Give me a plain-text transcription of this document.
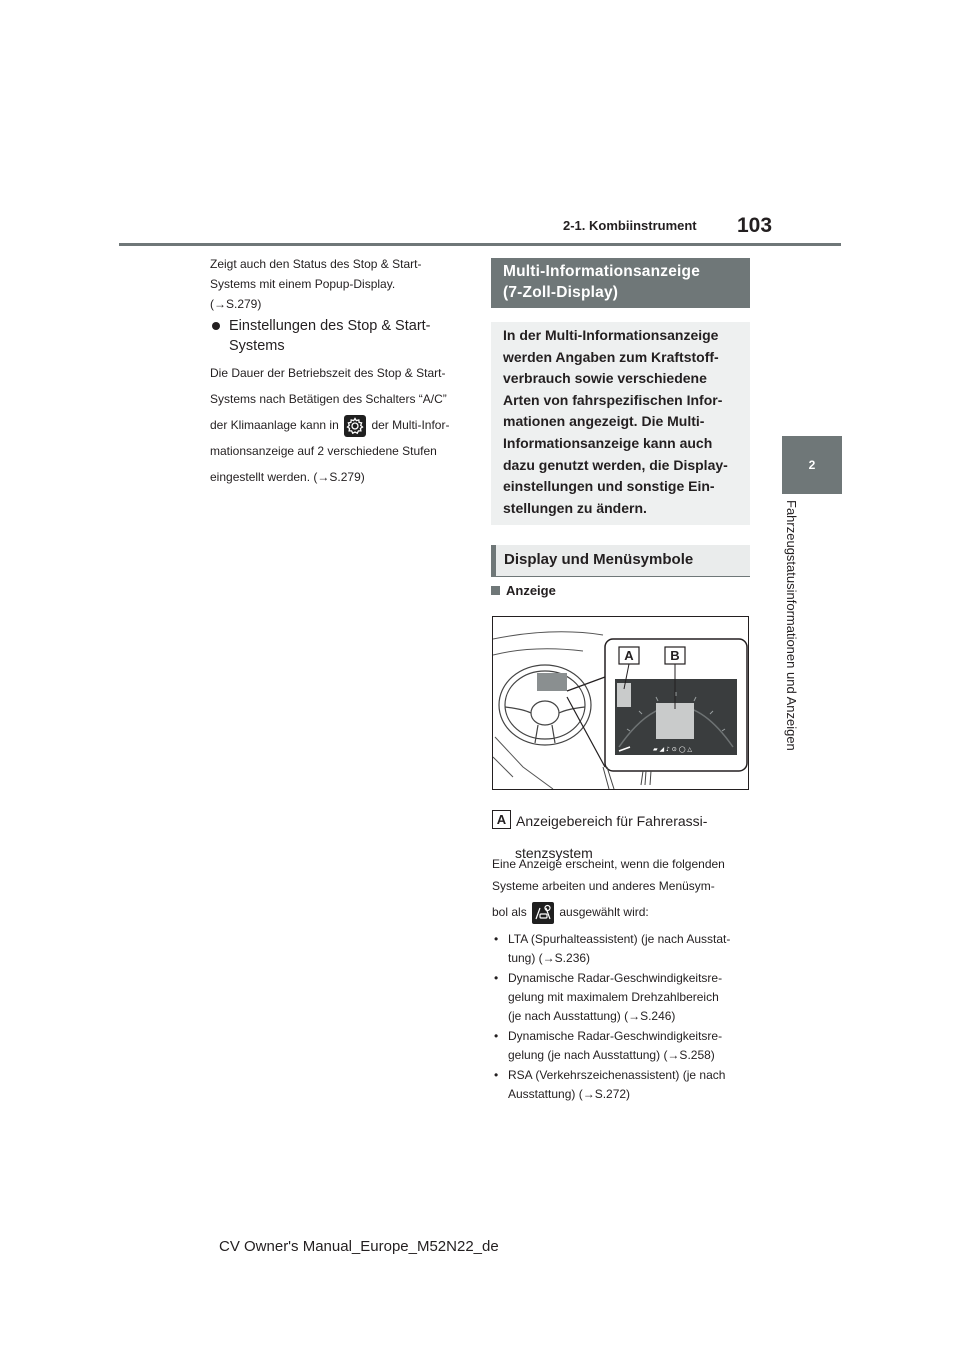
2-1. Kombiinstrument 103
2
Fahrzeugstatusinformationen und Anzeigen
Zeigt auch den Status des Stop & Start-
Systems mit einem Popup-Display.
(→S.279)
Einstellungen des Stop & Start-Systems
Die Dauer der Betriebszeit des Stop & Start-
Systems nach Betätigen des Schalters “A/C”
der Klimaanlage kann in	der Multi-Infor-
mationsanzeige auf 2 verschiedene Stufen
eingestellt werden. (→S.279)
Multi-Informationsanzeige
(7-Zoll-Display)
In der Multi-Informationsanzeige
werden Angaben zum Kraftstoff-
verbrauch sowie verschiedene
Arten von fahrspezifischen Infor-
mationen angezeigt. Die Multi-
Informationsanzeige kann auch
dazu genutzt werden, die Display-
einstellungen und sonstige Ein-
stellungen zu ändern.
Display und Menüsymbole
Anzeige
▰ ◢ ♪ ⊙ ◯ △
A	B
A Anzeigebereich für Fahrerassi-
stenzsystem
Eine Anzeige erscheint, wenn die folgenden
Systeme arbeiten und anderes Menüsym-
bol als	ausgewählt wird:
• LTA (Spurhalteassistent) (je nach Ausstat-
tung) (→S.236)
• Dynamische Radar-Geschwindigkeitsre-
gelung mit maximalem Drehzahlbereich
(je nach Ausstattung) (→S.246)
• Dynamische Radar-Geschwindigkeitsre-
gelung (je nach Ausstattung) (→S.258)
• RSA (Verkehrszeichenassistent) (je nach
Ausstattung) (→S.272)
CV Owner's Manual_Europe_M52N22_de
